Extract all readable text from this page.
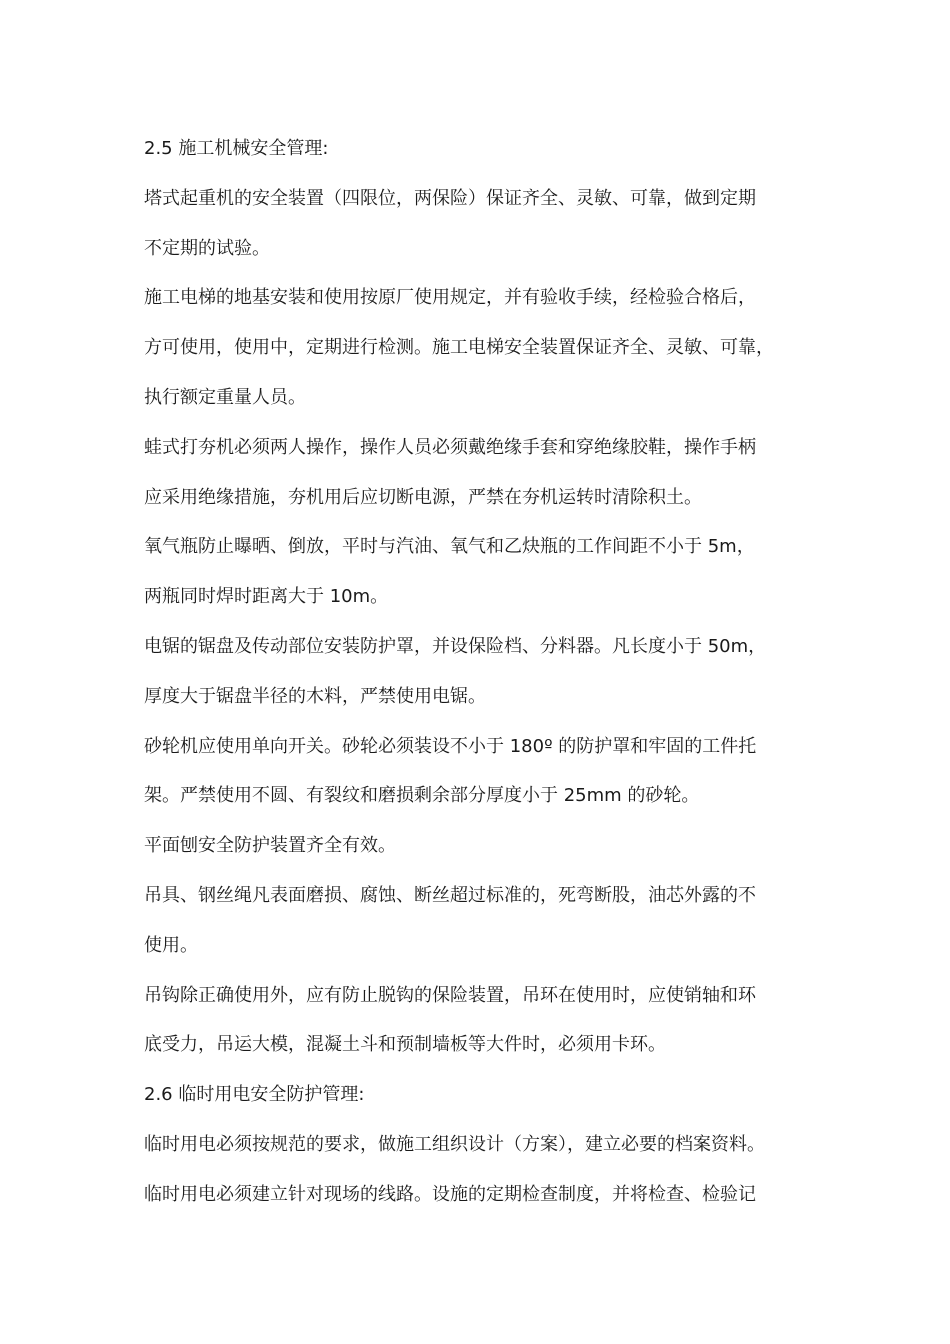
2.5 施工机械安全管理:
塔式起重机的安全装置（四限位，两保险）保证齐全、灵敏、可靠，做到定期
不定期的试验。
施工电梯的地基安装和使用按原厂使用规定，并有验收手续，经检验合格后，
方可使用，使用中，定期进行检测。施工电梯安全装置保证齐全、灵敏、可靠，
执行额定重量人员。
蛙式打夯机必须两人操作，操作人员必须戴绝缘手套和穿绝缘胶鞋，操作手柄
应采用绝缘措施，夯机用后应切断电源，严禁在夯机运转时清除积土。
氧气瓶防止曝晒、倒放，平时与汽油、氧气和乙炔瓶的工作间距不小于 5m，
两瓶同时焊时距离大于 10m。
电锯的锯盘及传动部位安装防护罩，并设保险档、分料器。凡长度小于 50m，
厚度大于锯盘半径的木料，严禁使用电锯。
砂轮机应使用单向开关。砂轮必须装设不小于 180º 的防护罩和牢固的工件托
架。严禁使用不圆、有裂纹和磨损剩余部分厚度小于 25mm 的砂轮。
平面刨安全防护装置齐全有效。
吊具、钢丝绳凡表面磨损、腐蚀、断丝超过标准的，死弯断股，油芯外露的不
使用。
吊钩除正确使用外，应有防止脱钩的保险装置，吊环在使用时，应使销轴和环
底受力，吊运大模，混凝土斗和预制墙板等大件时，必须用卡环。
2.6 临时用电安全防护管理:
临时用电必须按规范的要求，做施工组织设计（方案），建立必要的档案资料。
临时用电必须建立针对现场的线路。设施的定期检查制度，并将检查、检验记
